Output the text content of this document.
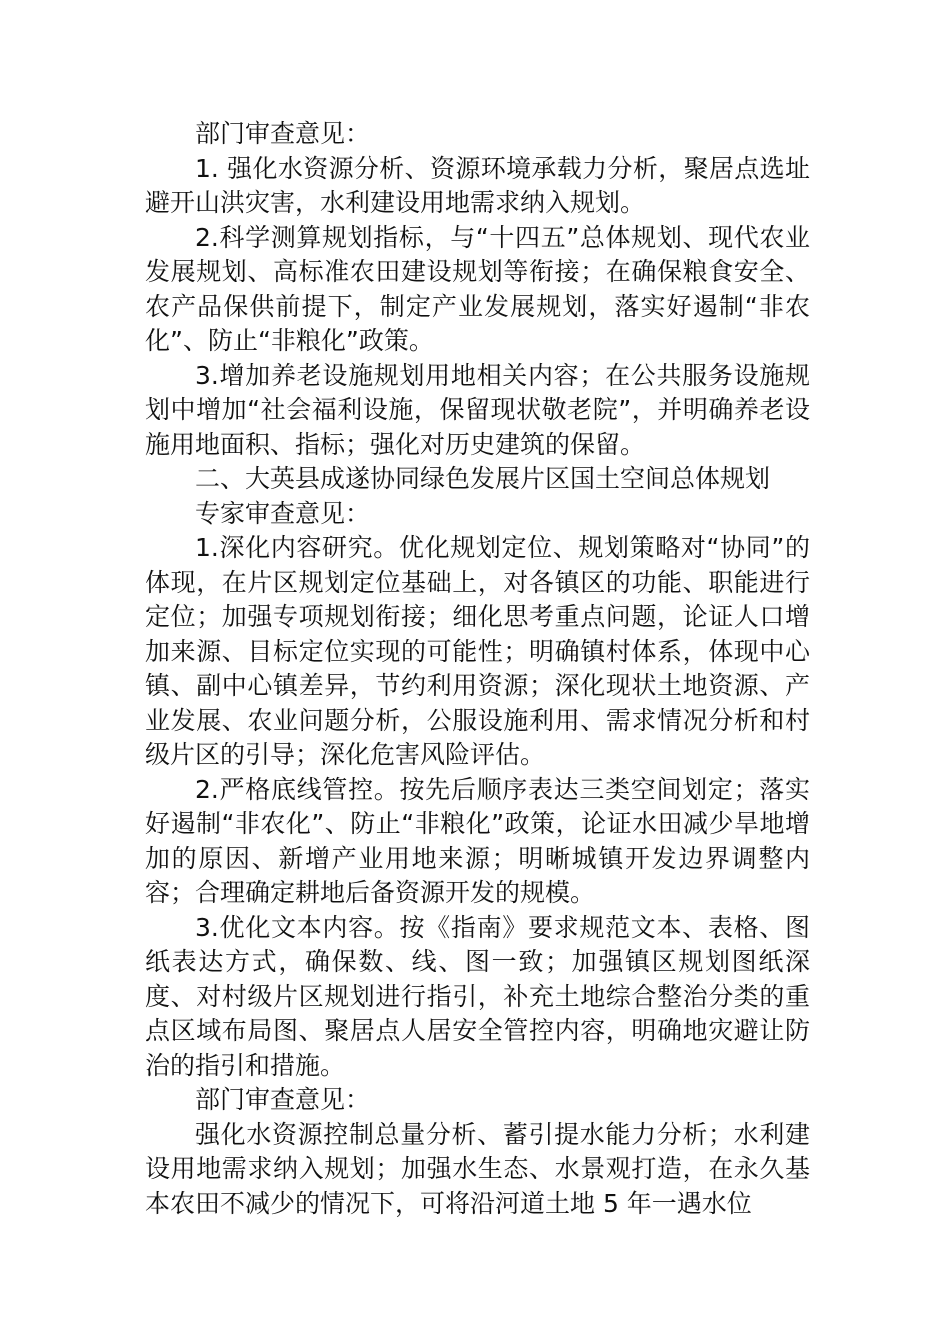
部门审查意见：

1. 强化水资源分析、资源环境承载力分析，聚居点选址避开山洪灾害，水利建设用地需求纳入规划。

2.科学测算规划指标，与“十四五”总体规划、现代农业发展规划、高标准农田建设规划等衔接；在确保粮食安全、农产品保供前提下，制定产业发展规划，落实好遏制“非农化”、防止“非粮化”政策。

3.增加养老设施规划用地相关内容；在公共服务设施规划中增加“社会福利设施，保留现状敬老院”，并明确养老设施用地面积、指标；强化对历史建筑的保留。

二、大英县成遂协同绿色发展片区国土空间总体规划

专家审查意见：

1.深化内容研究。优化规划定位、规划策略对“协同”的体现，在片区规划定位基础上，对各镇区的功能、职能进行定位；加强专项规划衔接；细化思考重点问题，论证人口增加来源、目标定位实现的可能性；明确镇村体系，体现中心镇、副中心镇差异，节约利用资源；深化现状土地资源、产业发展、农业问题分析，公服设施利用、需求情况分析和村级片区的引导；深化危害风险评估。

2.严格底线管控。按先后顺序表达三类空间划定；落实好遏制“非农化”、防止“非粮化”政策，论证水田减少旱地增加的原因、新增产业用地来源；明晰城镇开发边界调整内容；合理确定耕地后备资源开发的规模。

3.优化文本内容。按《指南》要求规范文本、表格、图纸表达方式，确保数、线、图一致；加强镇区规划图纸深度、对村级片区规划进行指引，补充土地综合整治分类的重点区域布局图、聚居点人居安全管控内容，明确地灾避让防治的指引和措施。

部门审查意见：

强化水资源控制总量分析、蓄引提水能力分析；水利建设用地需求纳入规划；加强水生态、水景观打造，在永久基本农田不减少的情况下，可将沿河道土地 5 年一遇水位
